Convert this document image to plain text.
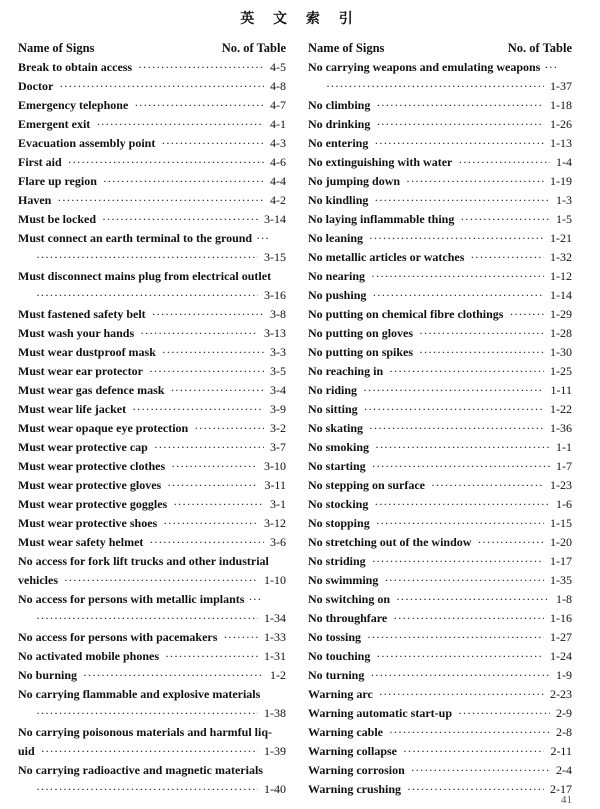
英 文 索 引
Name of Signs	No. of Table
Break to obtain access ·····	4-5
Doctor ·····	4-8
Emergency telephone ·····	4-7
Emergent exit ·····	4-1
Evacuation assembly point ·····	4-3
First aid ·····	4-6
Flare up region ·····	4-4
Haven ·····	4-2
Must be locked ·····	3-14
Must connect an earth terminal to the ground
···
·····
3-15
Must disconnect mains plug from electrical outlet
·····
3-16
Must fastened safety belt ·····	3-8
Must wash your hands ·····	3-13
Must wear dustproof mask ·····	3-3
Must wear ear protector ·····	3-5
Must wear gas defence mask ·····	3-4
Must wear life jacket ·····	3-9
Must wear opaque eye protection ·····	3-2
Must wear protective cap ·····	3-7
Must wear protective clothes ·····	3-10
Must wear protective gloves ·····	3-11
Must wear protective goggles ·····	3-1
Must wear protective shoes ·····	3-12
Must wear safety helmet ·····	3-6
No access for fork lift trucks and other industrial
vehicles ·····	1-10
No access for persons with metallic implants
···
·····
1-34
No access for persons with pacemakers ·····	1-33
No activated mobile phones ·····	1-31
No burning ·····	1-2
No carrying flammable and explosive materials
·····
1-38
No carrying poisonous materials and harmful liq-
uid ·····	1-39
No carrying radioactive and magnetic materials
·····
1-40
Name of Signs	No. of Table
No carrying weapons and emulating weapons
···
·····
1-37
No climbing ·····	1-18
No drinking ·····	1-26
No entering ·····	1-13
No extinguishing with water ·····	1-4
No jumping down ·····	1-19
No kindling ·····	1-3
No laying inflammable thing ·····	1-5
No leaning ·····	1-21
No metallic articles or watches ·····	1-32
No nearing ·····	1-12
No pushing ·····	1-14
No putting on chemical fibre clothings ·····	1-29
No putting on gloves ·····	1-28
No putting on spikes ·····	1-30
No reaching in ·····	1-25
No riding ·····	1-11
No sitting ·····	1-22
No skating ·····	1-36
No smoking ·····	1-1
No starting ·····	1-7
No stepping on surface ·····	1-23
No stocking ·····	1-6
No stopping ·····	1-15
No stretching out of the window ·····	1-20
No striding ·····	1-17
No swimming ·····	1-35
No switching on ·····	1-8
No throughfare ·····	1-16
No tossing ·····	1-27
No touching ·····	1-24
No turning ·····	1-9
Warning arc ·····	2-23
Warning automatic start-up ·····	2-9
Warning cable ·····	2-8
Warning collapse ·····	2-11
Warning corrosion ·····	2-4
Warning crushing ·····	2-17
41
